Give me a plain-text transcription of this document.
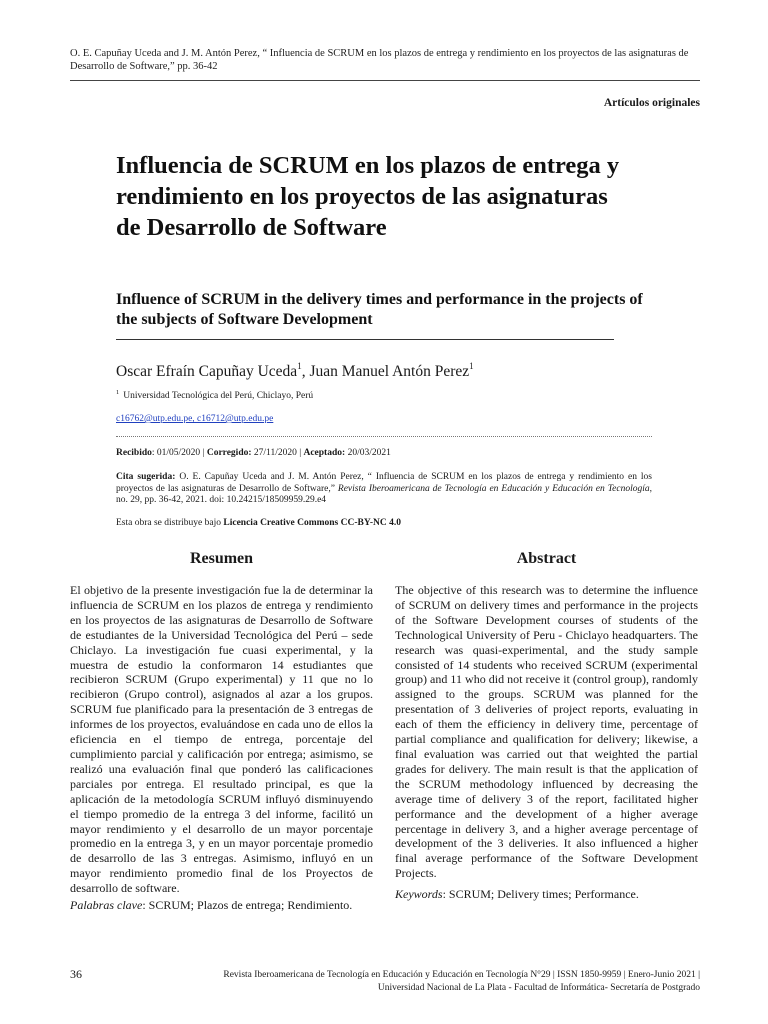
O. E. Capuñay Uceda and J. M. Antón Perez, “ Influencia de SCRUM en los plazos de entrega y rendimiento en los proyectos de las asignaturas de Desarrollo de Software,” pp. 36-42
Artículos originales
Influencia de SCRUM en los plazos de entrega y rendimiento en los proyectos de las asignaturas de Desarrollo de Software
Influence of SCRUM in the delivery times and performance in the projects of the subjects of Software Development
Oscar Efraín Capuñay Uceda$^1$, Juan Manuel Antón Perez$^1$
$^1$ Universidad Tecnológica del Perú, Chiclayo, Perú
c16762@utp.edu.pe, c16712@utp.edu.pe
Recibido: 01/05/2020 | Corregido: 27/11/2020 | Aceptado: 20/03/2021
Cita sugerida: O. E. Capuñay Uceda and J. M. Antón Perez, “ Influencia de SCRUM en los plazos de entrega y rendimiento en los proyectos de las asignaturas de Desarrollo de Software,” Revista Iberoamericana de Tecnología en Educación y Educación en Tecnología, no. 29, pp. 36-42, 2021. doi: 10.24215/18509959.29.e4
Esta obra se distribuye bajo Licencia Creative Commons CC-BY-NC 4.0
Resumen	Abstract
El objetivo de la presente investigación fue la de determinar la influencia de SCRUM en los plazos de entrega y rendimiento en los proyectos de las asignaturas de Desarrollo de Software de estudiantes de la Universidad Tecnológica del Perú – sede Chiclayo. La investigación fue cuasi experimental, y la muestra de estudio la conformaron 14 estudiantes que recibieron SCRUM (Grupo experimental) y 11 que no lo recibieron (Grupo control), asignados al azar a los grupos. SCRUM fue planificado para la presentación de 3 entregas de informes de los proyectos, evaluándose en cada uno de ellos la eficiencia en el tiempo de entrega, porcentaje del cumplimiento parcial y calificación por entrega; asimismo, se realizó una evaluación final que ponderó las calificaciones parciales por entrega. El resultado principal, es que la aplicación de la metodología SCRUM influyó disminuyendo el tiempo promedio de la entrega 3 del informe, facilitó un mayor rendimiento y el desarrollo de un mayor porcentaje promedio en la entrega 3, y en un mayor porcentaje promedio de desarrollo de las 3 entregas. Asimismo, influyó en un mayor rendimiento promedio final de los Proyectos de desarrollo de software.
Palabras clave: SCRUM; Plazos de entrega; Rendimiento.
The objective of this research was to determine the influence of SCRUM on delivery times and performance in the projects of the Software Development courses of students of the Technological University of Peru - Chiclayo headquarters. The research was quasi-experimental, and the study sample consisted of 14 students who received SCRUM (experimental group) and 11 who did not receive it (control group), randomly assigned to the groups. SCRUM was planned for the presentation of 3 deliveries of project reports, evaluating in each of them the efficiency in delivery time, percentage of partial compliance and qualification for delivery; likewise, a final evaluation was carried out that weighted the partial grades for delivery. The main result is that the application of the SCRUM methodology influenced by decreasing the average time of delivery 3 of the report, facilitated higher performance and the development of a higher average percentage in delivery 3, and a higher average percentage of development of the 3 deliveries. It also influenced a higher final average performance of the Software Development Projects.
Keywords: SCRUM; Delivery times; Performance.
36	Revista Iberoamericana de Tecnología en Educación y Educación en Tecnología N°29 | ISSN 1850-9959 | Enero-Junio 2021 |
Universidad Nacional de La Plata - Facultad de Informática- Secretaría de Postgrado
